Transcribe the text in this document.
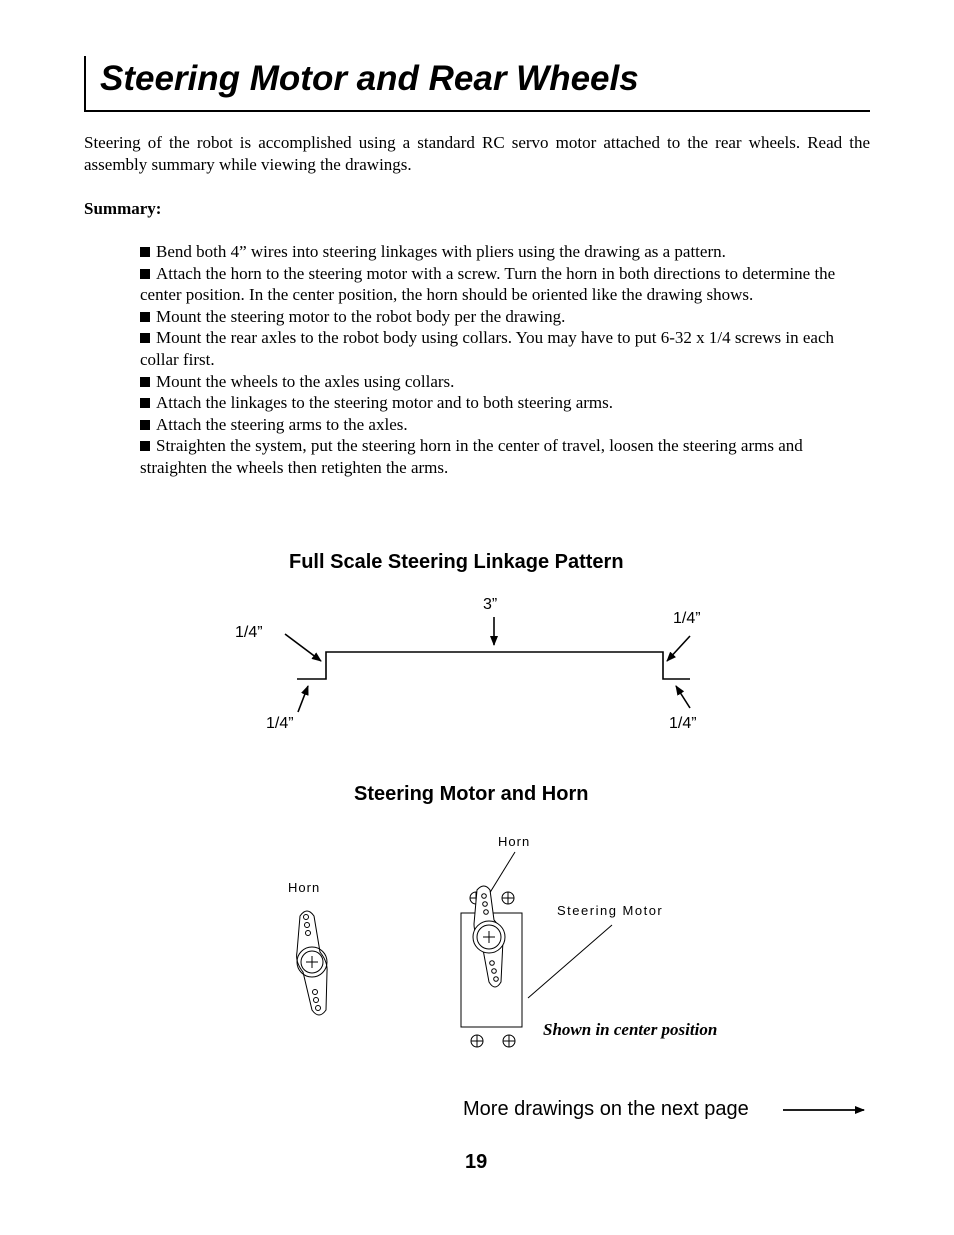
Steering Motor and Rear Wheels

Steering of the robot is accomplished using a standard RC servo motor attached to the rear wheels. Read the assembly summary while viewing the drawings.

Summary:

Bend both 4” wires into steering linkages with pliers using the drawing as a pattern.
Attach the horn to the steering motor with a screw. Turn the horn in both directions to determine the center position. In the center position, the horn should be oriented like the drawing shows.
Mount the steering motor to the robot body per the drawing.
Mount the rear axles to the robot body using collars. You may have to put 6-32 x 1/4 screws in each collar first.
Mount the wheels to the axles using collars.
Attach the linkages to the steering motor and to both steering arms.
Attach the steering arms to the axles.
Straighten the system, put the steering horn in the center of travel, loosen the steering arms and straighten the wheels then retighten the arms.
Full Scale Steering Linkage Pattern
3”
1/4”
1/4”
1/4”	1/4”
Horn
Horn
Steering Motor
Steering Motor and Horn
Shown in center position
More drawings on the next page
19
